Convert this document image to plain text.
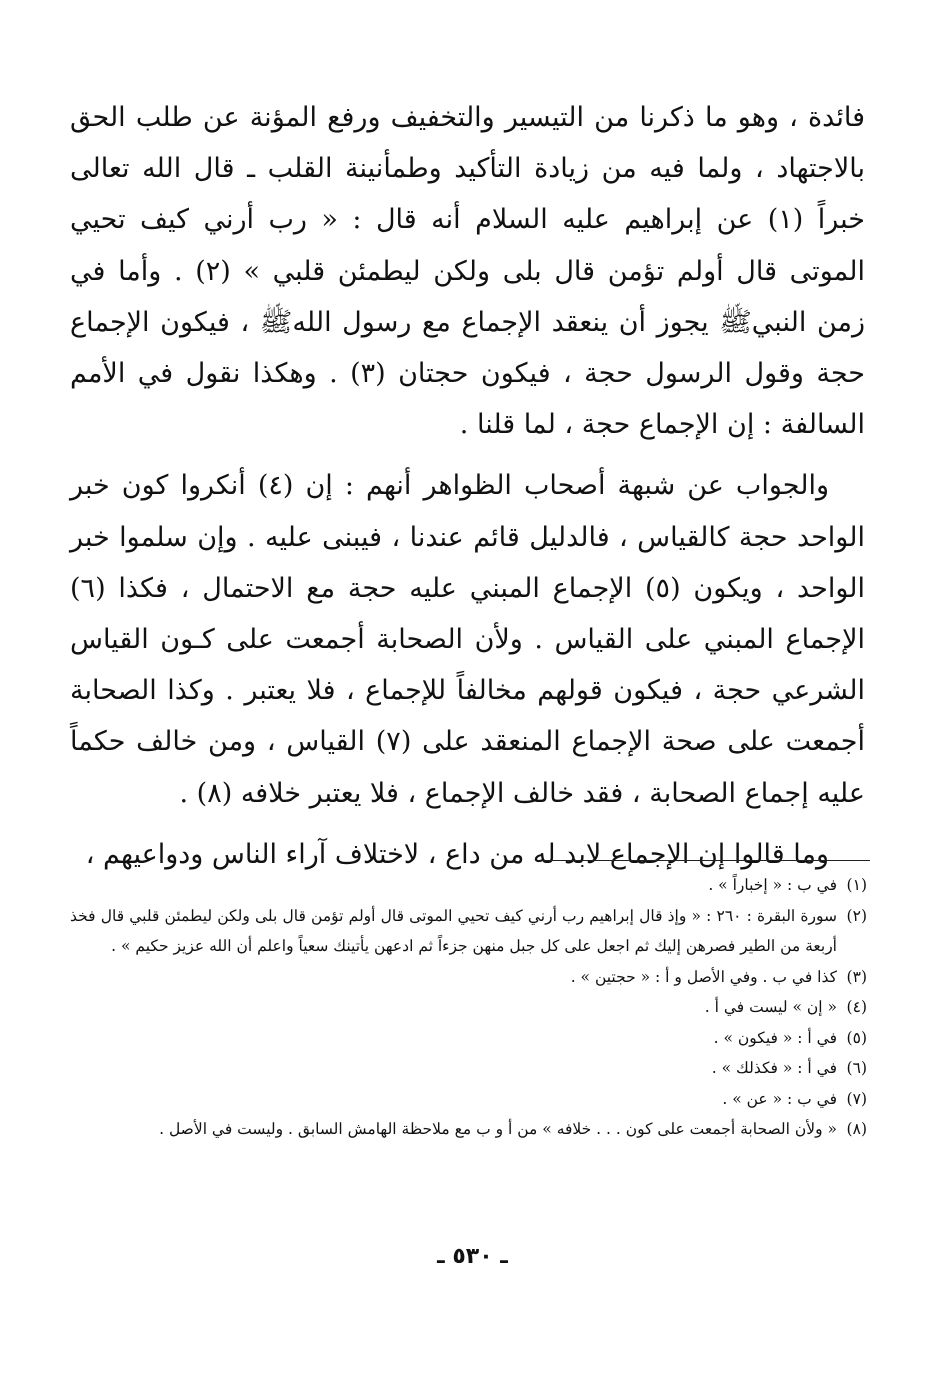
فائدة ، وهو ما ذكرنا من التيسير والتخفيف ورفع المؤنة عن طلب الحق بالاجتهاد ، ولما فيه من زيادة التأكيد وطمأنينة القلب ـ قال الله تعالى خبراً (١) عن إبراهيم عليه السلام أنه قال : « رب أرني كيف تحيي الموتى قال أولم تؤمن قال بلى ولكن ليطمئن قلبي » (٢) . وأما في زمن النبيﷺ يجوز أن ينعقد الإجماع مع رسول اللهﷺ ، فيكون الإجماع حجة وقول الرسول حجة ، فيكون حجتان (٣) . وهكذا نقول في الأمم السالفة : إن الإجماع حجة ، لما قلنا .

والجواب عن شبهة أصحاب الظواهر أنهم : إن (٤) أنكروا كون خبر الواحد حجة كالقياس ، فالدليل قائم عندنا ، فيبنى عليه . وإن سلموا خبر الواحد ، ويكون (٥) الإجماع المبني عليه حجة مع الاحتمال ، فكذا (٦) الإجماع المبني على القياس . ولأن الصحابة أجمعت على كـون القياس الشرعي حجة ، فيكون قولهم مخالفاً للإجماع ، فلا يعتبر . وكذا الصحابة أجمعت على صحة الإجماع المنعقد على (٧) القياس ، ومن خالف حكماً عليه إجماع الصحابة ، فقد خالف الإجماع ، فلا يعتبر خلافه (٨) .

وما قالوا إن الإجماع لابد له من داع ، لاختلاف آراء الناس ودواعيهم ،

(١)
في ب : « إخباراً » .
(٢)
سورة البقرة : ٢٦٠ : « وإذ قال إبراهيم رب أرني كيف تحيي الموتى قال أولم تؤمن قال بلى ولكن ليطمئن قلبي قال فخذ أربعة من الطير فصرهن إليك ثم اجعل على كل جبل منهن جزءاً ثم ادعهن يأتينك سعياً واعلم أن الله عزيز حكيم » .
(٣)
كذا في ب . وفي الأصل و أ : « حجتين » .
(٤)
« إن » ليست في أ .
(٥)
في أ : « فيكون » .
(٦)
في أ : « فكذلك » .
(٧)
في ب : « عن » .
(٨)
« ولأن الصحابة أجمعت على كون . . . خلافه » من أ و ب مع ملاحظة الهامش السابق . وليست في الأصل .
ـ ٥٣٠ ـ
